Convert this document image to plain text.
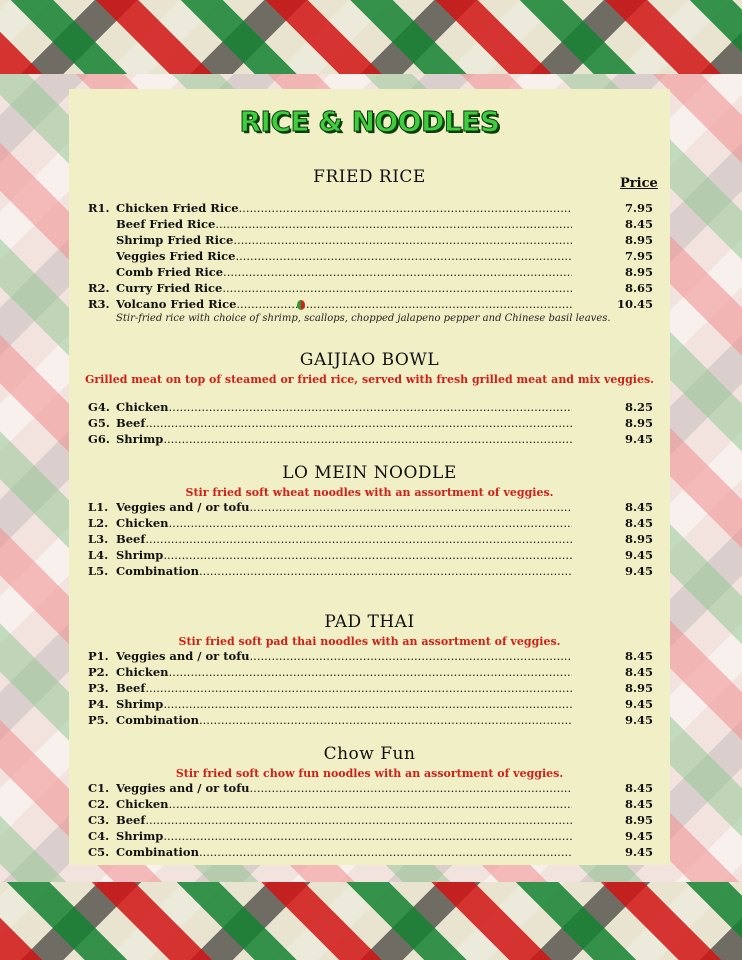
RICE & NOODLES
Price
FRIED RICE
R1. Chicken Fried Rice .....	7.95
Beef Fried Rice .....	8.45
Shrimp Fried Rice .....	8.95
Veggies Fried Rice .....	7.95
Comb Fried Rice .....	8.95
R2. Curry Fried Rice .....	8.65
R3. Volcano Fried Rice .....	10.45
Stir-fried rice with choice of shrimp, scallops, chopped jalapeno pepper and Chinese basil leaves.
GAIJIAO BOWL
Grilled meat on top of steamed or fried rice, served with fresh grilled meat and mix veggies.
G4. Chicken .....	8.25
G5. Beef .....	8.95
G6. Shrimp .....	9.45
LO MEIN NOODLE
Stir fried soft wheat noodles with an assortment of veggies.
L1. Veggies and / or tofu .....	8.45
L2. Chicken .....	8.45
L3. Beef .....	8.95
L4. Shrimp .....	9.45
L5. Combination .....	9.45
PAD THAI
Stir fried soft pad thai noodles with an assortment of veggies.
P1. Veggies and / or tofu .....	8.45
P2. Chicken .....	8.45
P3. Beef .....	8.95
P4. Shrimp .....	9.45
P5. Combination .....	9.45
Chow Fun
Stir fried soft chow fun noodles with an assortment of veggies.
C1. Veggies and / or tofu .....	8.45
C2. Chicken .....	8.45
C3. Beef .....	8.95
C4. Shrimp .....	9.45
C5. Combination .....	9.45
